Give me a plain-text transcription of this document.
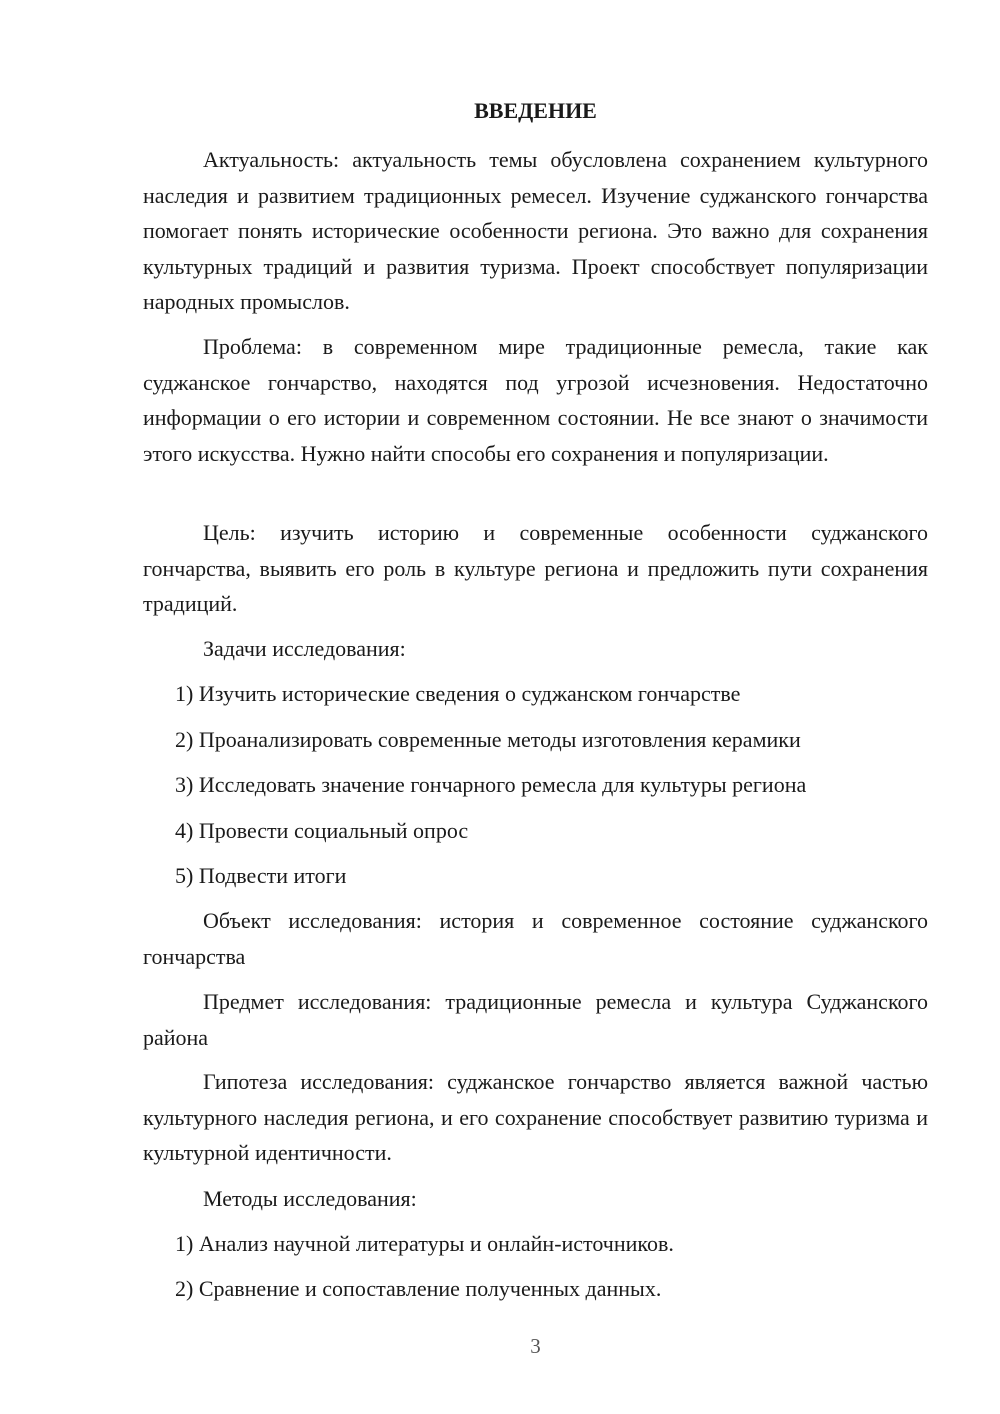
ВВЕДЕНИЕ

Актуальность: актуальность темы обусловлена сохранением культурного наследия и развитием традиционных ремесел. Изучение суджанского гончарства помогает понять исторические особенности региона. Это важно для сохранения культурных традиций и развития туризма. Проект способствует популяризации народных промыслов.

Проблема: в современном мире традиционные ремесла, такие как суджанское гончарство, находятся под угрозой исчезновения. Недостаточно информации о его истории и современном состоянии. Не все знают о значимости этого искусства. Нужно найти способы его сохранения и популяризации.

Цель: изучить историю и современные особенности суджанского гончарства, выявить его роль в культуре региона и предложить пути сохранения традиций.

Задачи исследования:

1) Изучить исторические сведения о суджанском гончарстве

2) Проанализировать современные методы изготовления керамики

3) Исследовать значение гончарного ремесла для культуры региона

4) Провести социальный опрос

5) Подвести итоги

Объект исследования: история и современное состояние суджанского гончарства

Предмет исследования: традиционные ремесла и культура Суджанского района

Гипотеза исследования: суджанское гончарство является важной частью культурного наследия региона, и его сохранение способствует развитию туризма и культурной идентичности.

Методы исследования:

1) Анализ научной литературы и онлайн-источников.

2) Сравнение и сопоставление полученных данных.

3
